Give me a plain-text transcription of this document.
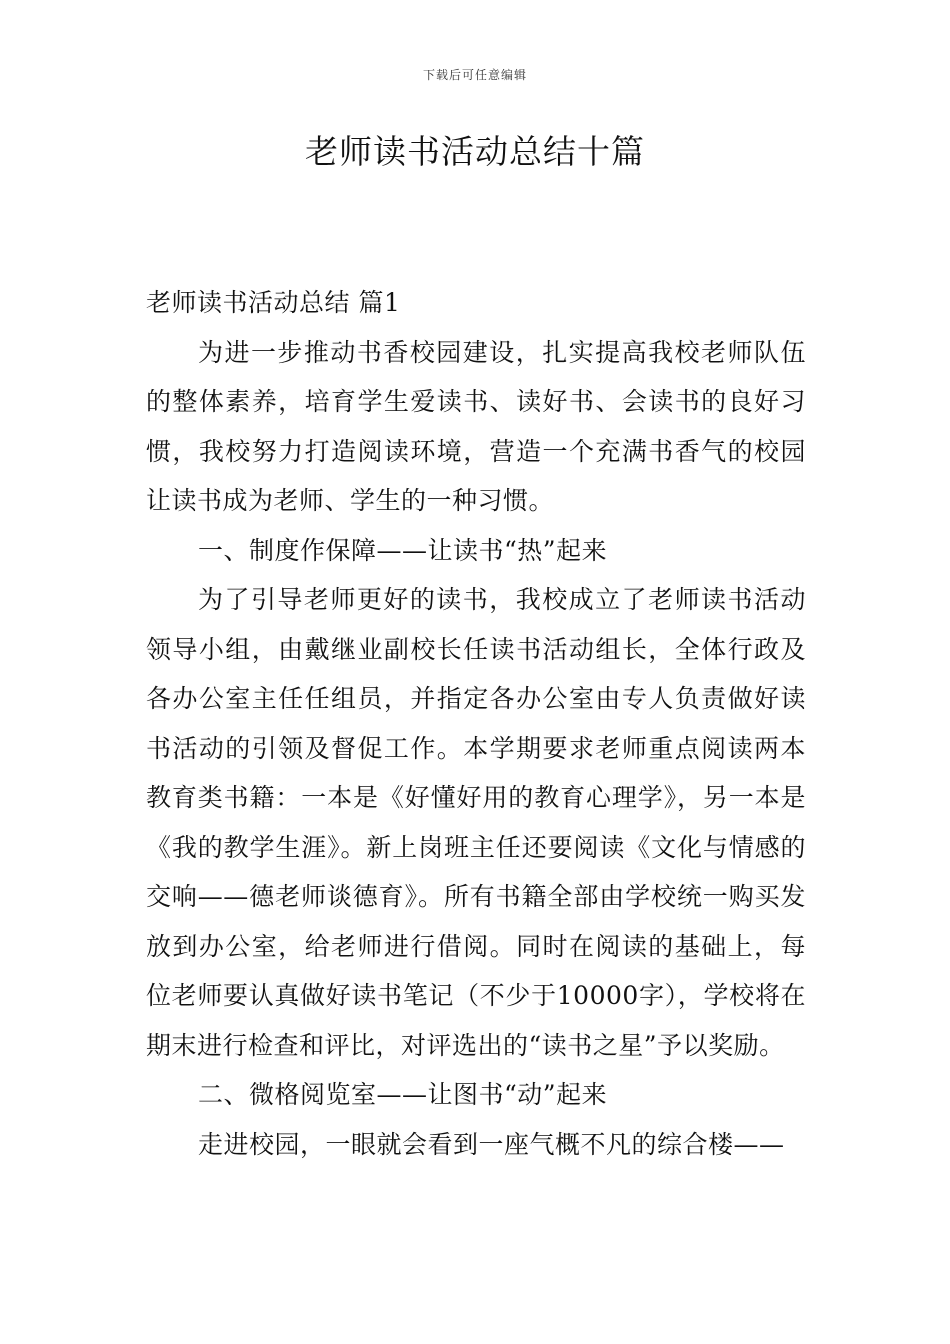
下载后可任意编辑
老师读书活动总结十篇

老师读书活动总结 篇1

为进一步推动书香校园建设，扎实提高我校老师队伍的整体素养，培育学生爱读书、读好书、会读书的良好习惯，我校努力打造阅读环境，营造一个充满书香气的校园让读书成为老师、学生的一种习惯。

一、制度作保障——让读书“热”起来

为了引导老师更好的读书，我校成立了老师读书活动领导小组，由戴继业副校长任读书活动组长，全体行政及各办公室主任任组员，并指定各办公室由专人负责做好读书活动的引领及督促工作。本学期要求老师重点阅读两本教育类书籍：一本是《好懂好用的教育心理学》，另一本是《我的教学生涯》。新上岗班主任还要阅读《文化与情感的交响——德老师谈德育》。所有书籍全部由学校统一购买发放到办公室，给老师进行借阅。同时在阅读的基础上，每位老师要认真做好读书笔记（不少于10000字），学校将在期末进行检查和评比，对评选出的“读书之星”予以奖励。

二、微格阅览室——让图书“动”起来

走进校园，一眼就会看到一座气概不凡的综合楼——
